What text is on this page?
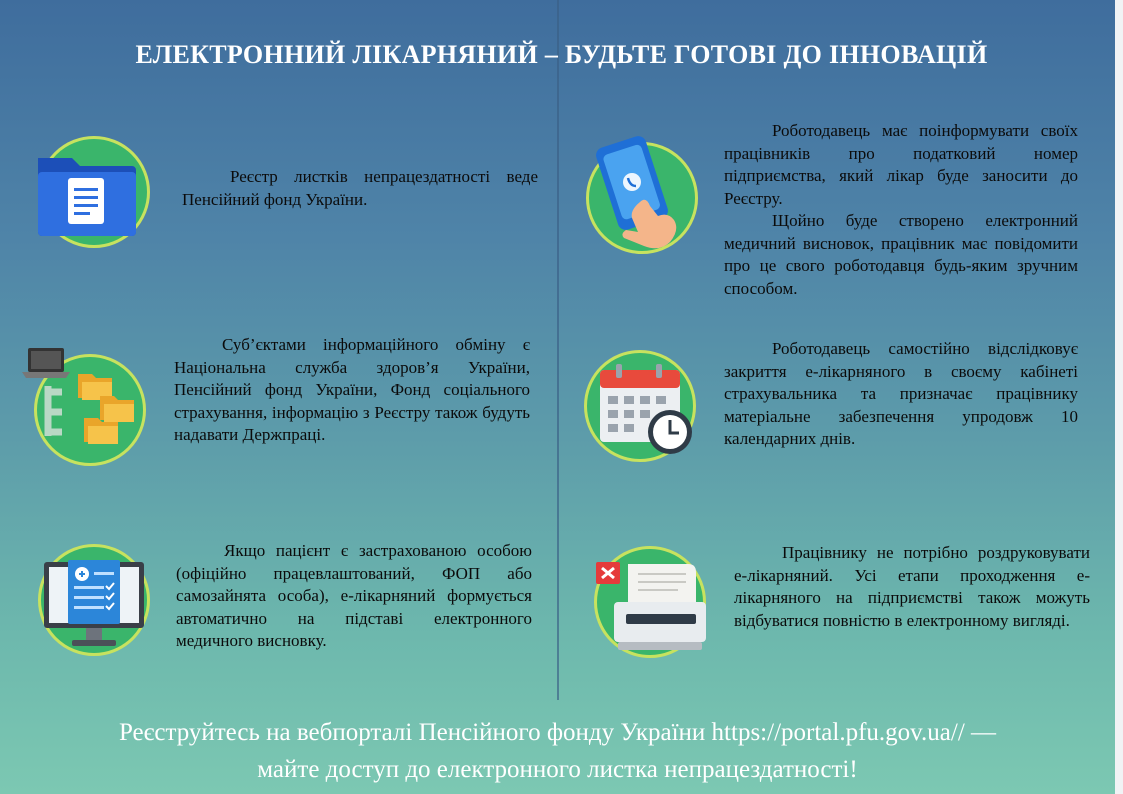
ЕЛЕКТРОННИЙ ЛІКАРНЯНИЙ – БУДЬТЕ ГОТОВІ ДО ІННОВАЦІЙ

Реєстр листків непрацездатності веде Пенсійний фонд України.

Суб’єктами інформаційного обміну є Національна служба здоров’я України, Пенсійний фонд України, Фонд соціального страхування, інформацію з Реєстру також будуть надавати Держпраці.

Якщо пацієнт є застрахованою особою (офіційно працевлаштований, ФОП або самозайнята особа), е-лікарняний формується автоматично на підставі електронного медичного висновку.

Роботодавець має поінформувати своїх працівників про податковий номер підприємства, який лікар буде заносити до Реєстру.

Щойно буде створено електронний медичний висновок, працівник має повідомити про це свого роботодавця будь-яким зручним способом.

Роботодавець самостійно відслідковує закриття е-лікарняного в своєму кабінеті страхувальника та призначає працівнику матеріальне забезпечення упродовж 10 календарних днів.

Працівнику не потрібно роздруковувати е-лікарняний. Усі етапи проходження е-лікарняного на підприємстві також можуть відбуватися повністю в електронному вигляді.

Реєструйтесь на вебпорталі Пенсійного фонду України https://portal.pfu.gov.ua// —
майте доступ до електронного листка непрацездатності!
